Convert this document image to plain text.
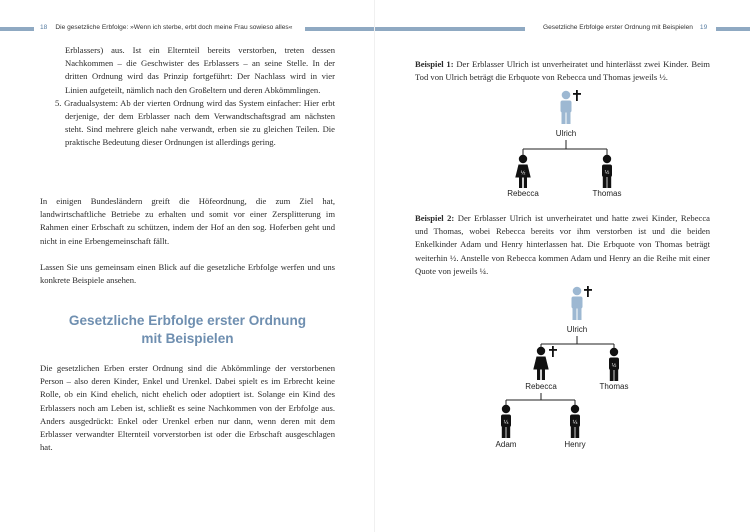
18 Die gesetzliche Erbfolge: »Wenn ich sterbe, erbt doch meine Frau sowieso alles«

Erblassers) aus. Ist ein Elternteil bereits verstorben, treten dessen Nachkommen – die Geschwister des Erblassers – an seine Stelle. In der dritten Ordnung wird das Prinzip fortgeführt: Der Nachlass wird in vier Linien aufgeteilt, nämlich nach den Großeltern und deren Abkömmlingen.

5. Gradualsystem: Ab der vierten Ordnung wird das System einfacher: Hier erbt derjenige, der dem Erblasser nach dem Verwandtschaftsgrad am nächsten steht. Sind mehrere gleich nahe verwandt, erben sie zu gleichen Teilen. Die praktische Bedeutung dieser Ordnungen ist allerdings gering.

In einigen Bundesländern greift die Höfeordnung, die zum Ziel hat, landwirtschaftliche Betriebe zu erhalten und somit vor einer Zersplitterung im Rahmen einer Erbschaft zu schützen, indem der Hof an den sog. Hoferben geht und nicht in eine Erbengemeinschaft fällt.

Lassen Sie uns gemeinsam einen Blick auf die gesetzliche Erbfolge werfen und uns konkrete Beispiele ansehen.

Gesetzliche Erbfolge erster Ordnung
mit Beispielen

Die gesetzlichen Erben erster Ordnung sind die Abkömmlinge der verstorbenen Person – also deren Kinder, Enkel und Urenkel. Dabei spielt es im Erbrecht keine Rolle, ob ein Kind ehelich, nicht ehelich oder adoptiert ist. Solange ein Kind des Erblassers noch am Leben ist, schließt es seine Nachkommen von der Erbfolge aus. Anders ausgedrückt: Enkel oder Urenkel erben nur dann, wenn deren mit dem Erblasser verwandter Elternteil vorverstorben ist oder die Erbschaft ausgeschlagen hat.

Gesetzliche Erbfolge erster Ordnung mit Beispielen 19

Beispiel 1: Der Erblasser Ulrich ist unverheiratet und hinterlässt zwei Kinder. Beim Tod von Ulrich beträgt die Erbquote von Rebecca und Thomas jeweils ½.

Beispiel 2: Der Erblasser Ulrich ist unverheiratet und hatte zwei Kinder, Rebecca und Thomas, wobei Rebecca bereits vor ihm verstorben ist und die beiden Enkelkinder Adam und Henry hinterlassen hat. Die Erbquote von Thomas beträgt weiterhin ½. Anstelle von Rebecca kommen Adam und Henry an die Reihe mit einer Quote von jeweils ¼.

Ulrich
½
Rebecca
½
Thomas
Ulrich
Rebecca
½
Thomas
¼
Adam
¼
Henry
